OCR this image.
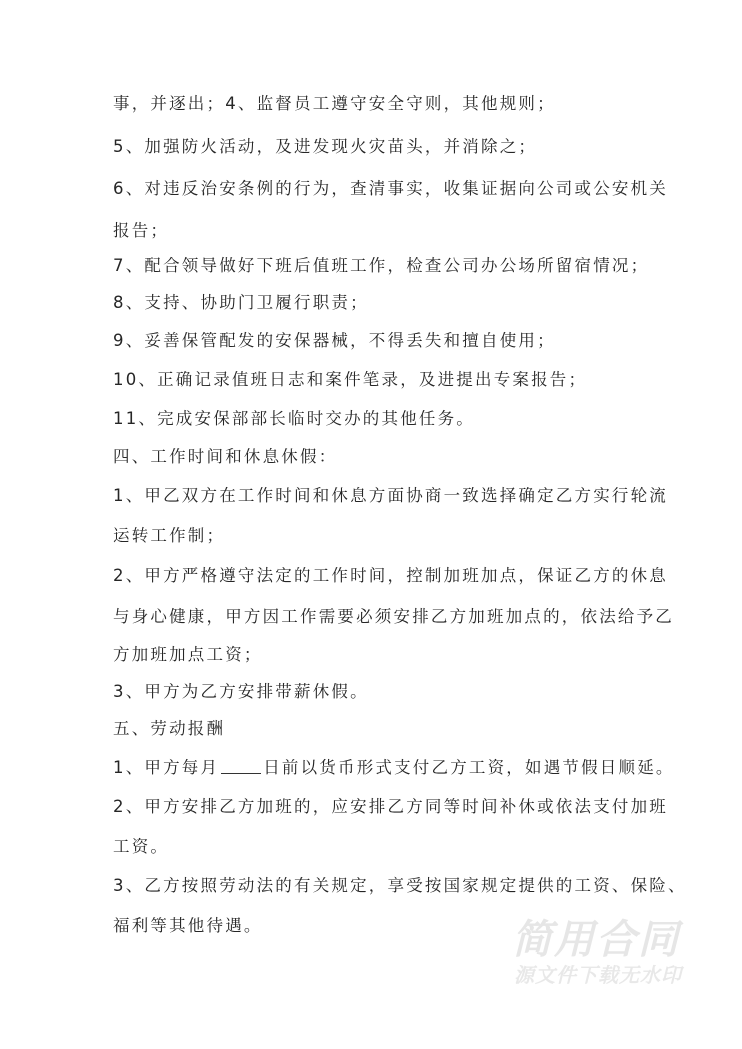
事，并逐出；4、监督员工遵守安全守则，其他规则；
5、加强防火活动，及进发现火灾苗头，并消除之；
6、对违反治安条例的行为，查清事实，收集证据向公司或公安机关
报告；
7、配合领导做好下班后值班工作，检查公司办公场所留宿情况；
8、支持、协助门卫履行职责；
9、妥善保管配发的安保器械，不得丢失和擅自使用；
10、正确记录值班日志和案件笔录，及进提出专案报告；
11、完成安保部部长临时交办的其他任务。
四、工作时间和休息休假：
1、甲乙双方在工作时间和休息方面协商一致选择确定乙方实行轮流
运转工作制；
2、甲方严格遵守法定的工作时间，控制加班加点，保证乙方的休息
与身心健康，甲方因工作需要必须安排乙方加班加点的，依法给予乙
方加班加点工资；
3、甲方为乙方安排带薪休假。
五、劳动报酬
1、甲方每月	日前以货币形式支付乙方工资，如遇节假日顺延。
2、甲方安排乙方加班的，应安排乙方同等时间补休或依法支付加班
工资。
3、乙方按照劳动法的有关规定，享受按国家规定提供的工资、保险、
福利等其他待遇。	简用合同
源文件下载无水印
